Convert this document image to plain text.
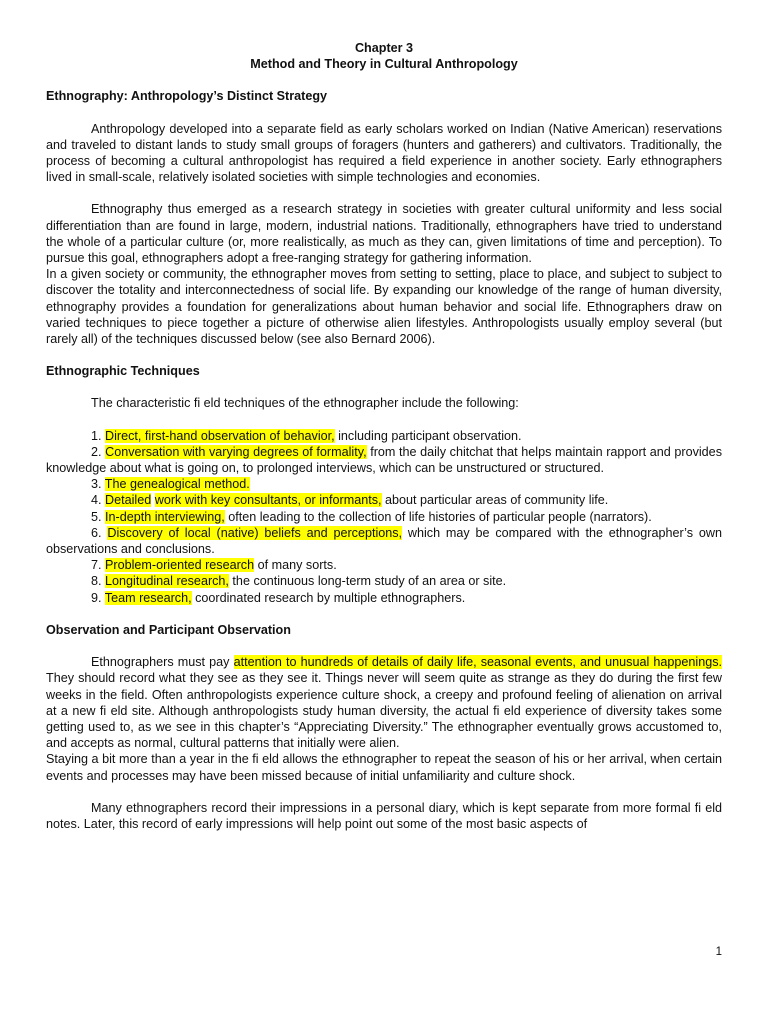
Chapter 3
Method and Theory in Cultural Anthropology

Ethnography: Anthropology’s Distinct Strategy

Anthropology developed into a separate field as early scholars worked on Indian (Native American) reservations and traveled to distant lands to study small groups of foragers (hunters and gatherers) and cultivators. Traditionally, the process of becoming a cultural anthropologist has required a field experience in another society. Early ethnographers lived in small-scale, relatively isolated societies with simple technologies and economies.

Ethnography thus emerged as a research strategy in societies with greater cultural uniformity and less social differentiation than are found in large, modern, industrial nations. Traditionally, ethnographers have tried to understand the whole of a particular culture (or, more realistically, as much as they can, given limitations of time and perception). To pursue this goal, ethnographers adopt a free-ranging strategy for gathering information.

In a given society or community, the ethnographer moves from setting to setting, place to place, and subject to subject to discover the totality and interconnectedness of social life. By expanding our knowledge of the range of human diversity, ethnography provides a foundation for generalizations about human behavior and social life. Ethnographers draw on varied techniques to piece together a picture of otherwise alien lifestyles. Anthropologists usually employ several (but rarely all) of the techniques discussed below (see also Bernard 2006).

Ethnographic Techniques

The characteristic fi eld techniques of the ethnographer include the following:

1. Direct, first-hand observation of behavior, including participant observation.

2. Conversation with varying degrees of formality, from the daily chitchat that helps maintain rapport and provides knowledge about what is going on, to prolonged interviews, which can be unstructured or structured.

3. The genealogical method.

4. Detailed work with key consultants, or informants, about particular areas of community life.

5. In-depth interviewing, often leading to the collection of life histories of particular people (narrators).

6. Discovery of local (native) beliefs and perceptions, which may be compared with the ethnographer’s own observations and conclusions.

7. Problem-oriented research of many sorts.

8. Longitudinal research, the continuous long-term study of an area or site.

9. Team research, coordinated research by multiple ethnographers.

Observation and Participant Observation

Ethnographers must pay attention to hundreds of details of daily life, seasonal events, and unusual happenings. They should record what they see as they see it. Things never will seem quite as strange as they do during the first few weeks in the field. Often anthropologists experience culture shock, a creepy and profound feeling of alienation on arrival at a new fi eld site. Although anthropologists study human diversity, the actual fi eld experience of diversity takes some getting used to, as we see in this chapter’s “Appreciating Diversity.” The ethnographer eventually grows accustomed to, and accepts as normal, cultural patterns that initially were alien.

Staying a bit more than a year in the fi eld allows the ethnographer to repeat the season of his or her arrival, when certain events and processes may have been missed because of initial unfamiliarity and culture shock.

Many ethnographers record their impressions in a personal diary, which is kept separate from more formal fi eld notes. Later, this record of early impressions will help point out some of the most basic aspects of

1
